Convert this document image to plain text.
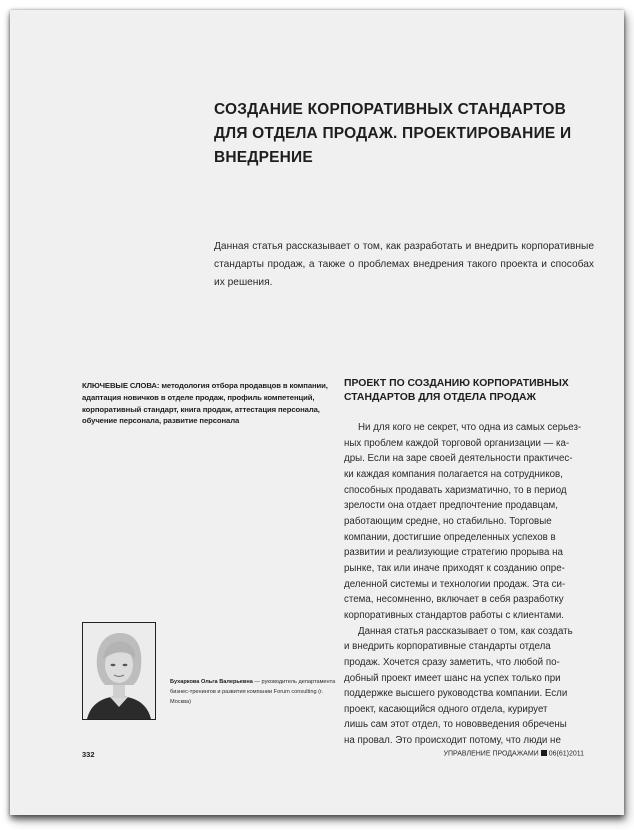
СОЗДАНИЕ КОРПОРАТИВНЫХ СТАНДАРТОВ
ДЛЯ ОТДЕЛА ПРОДАЖ. ПРОЕКТИРОВАНИЕ И
ВНЕДРЕНИЕ
Данная статья рассказывает о том, как разработать и внедрить корпоративные стандарты продаж, а также о проблемах внедрения такого проекта и способах их решения.
КЛЮЧЕВЫЕ СЛОВА: методология отбора продавцов в компании, адаптация новичков в отделе продаж, профиль компетенций, корпоративный стандарт, книга продаж, аттестация персонала, обучение персонала, развитие персонала
ПРОЕКТ ПО СОЗДАНИЮ КОРПОРАТИВНЫХ
СТАНДАРТОВ ДЛЯ ОТДЕЛА ПРОДАЖ
Ни для кого не секрет, что одна из самых серьез-
ных проблем каждой торговой организации — ка-
дры. Если на заре своей деятельности практичес-
ки каждая компания полагается на сотрудников,
способных продавать харизматично, то в период
зрелости она отдает предпочтение продавцам,
работающим средне, но стабильно. Торговые
компании, достигшие определенных успехов в
развитии и реализующие стратегию прорыва на
рынке, так или иначе приходят к созданию опре-
деленной системы и технологии продаж. Эта си-
стема, несомненно, включает в себя разработку
корпоративных стандартов работы с клиентами.
Данная статья рассказывает о том, как создать
и внедрить корпоративные стандарты отдела
продаж. Хочется сразу заметить, что любой по-
добный проект имеет шанс на успех только при
поддержке высшего руководства компании. Если
проект, касающийся одного отдела, курирует
лишь сам этот отдел, то нововведения обречены
на провал. Это происходит потому, что люди не
Бухаркова Ольга Валерьевна — руководитель департамента бизнес-тренингов и развития компании Forum consulting (г. Москва)
332	УПРАВЛЕНИЕ ПРОДАЖАМИ 06(61)2011
